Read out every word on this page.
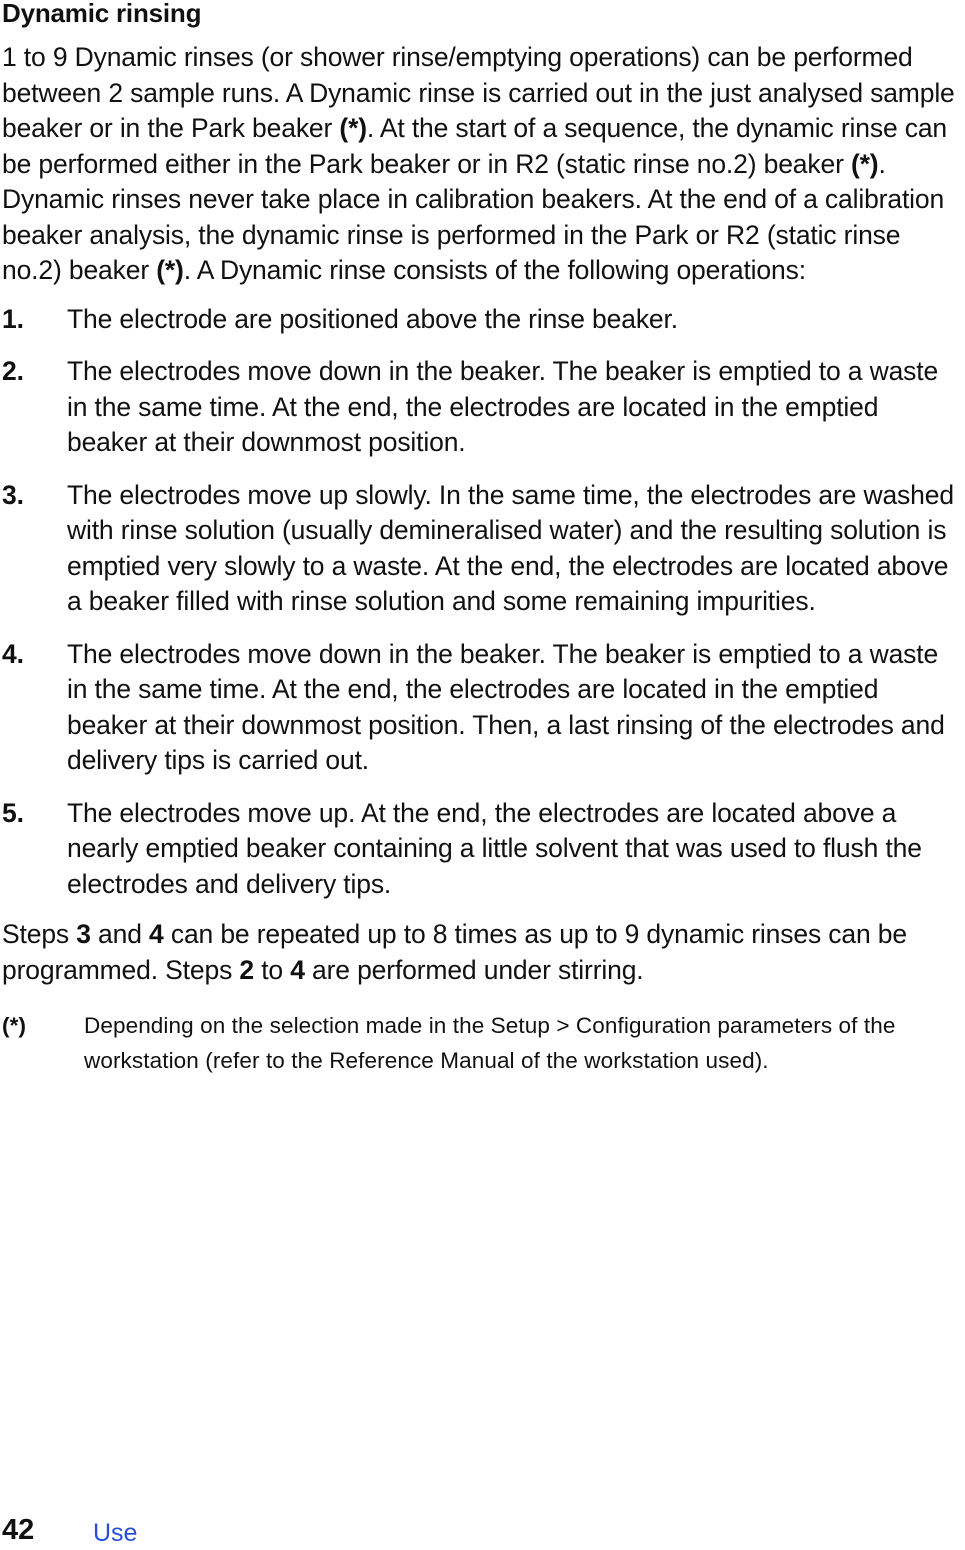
Dynamic rinsing

1 to 9 Dynamic rinses (or shower rinse/emptying operations) can be performed between 2 sample runs. A Dynamic rinse is carried out in the just analysed sample beaker or in the Park beaker (*). At the start of a sequence, the dynamic rinse can be performed either in the Park beaker or in R2 (static rinse no.2) beaker (*). Dynamic rinses never take place in calibration beakers. At the end of a calibration beaker analysis, the dynamic rinse is performed in the Park or R2 (static rinse no.2) beaker (*). A Dynamic rinse consists of the following operations:

1. The electrode are positioned above the rinse beaker.
2. The electrodes move down in the beaker. The beaker is emptied to a waste in the same time. At the end, the electrodes are located in the emptied beaker at their downmost position.
3. The electrodes move up slowly. In the same time, the electrodes are washed with rinse solution (usually demineralised water) and the resulting solution is emptied very slowly to a waste. At the end, the electrodes are located above a beaker filled with rinse solution and some remaining impurities.
4. The electrodes move down in the beaker. The beaker is emptied to a waste in the same time. At the end, the electrodes are located in the emptied beaker at their downmost position. Then, a last rinsing of the electrodes and delivery tips is carried out.
5. The electrodes move up. At the end, the electrodes are located above a nearly emptied beaker containing a little solvent that was used to flush the electrodes and delivery tips.

Steps 3 and 4 can be repeated up to 8 times as up to 9 dynamic rinses can be programmed. Steps 2 to 4 are performed under stirring.

(*)	Depending on the selection made in the Setup > Configuration parameters of the workstation (refer to the Reference Manual of the workstation used).
42 Use
